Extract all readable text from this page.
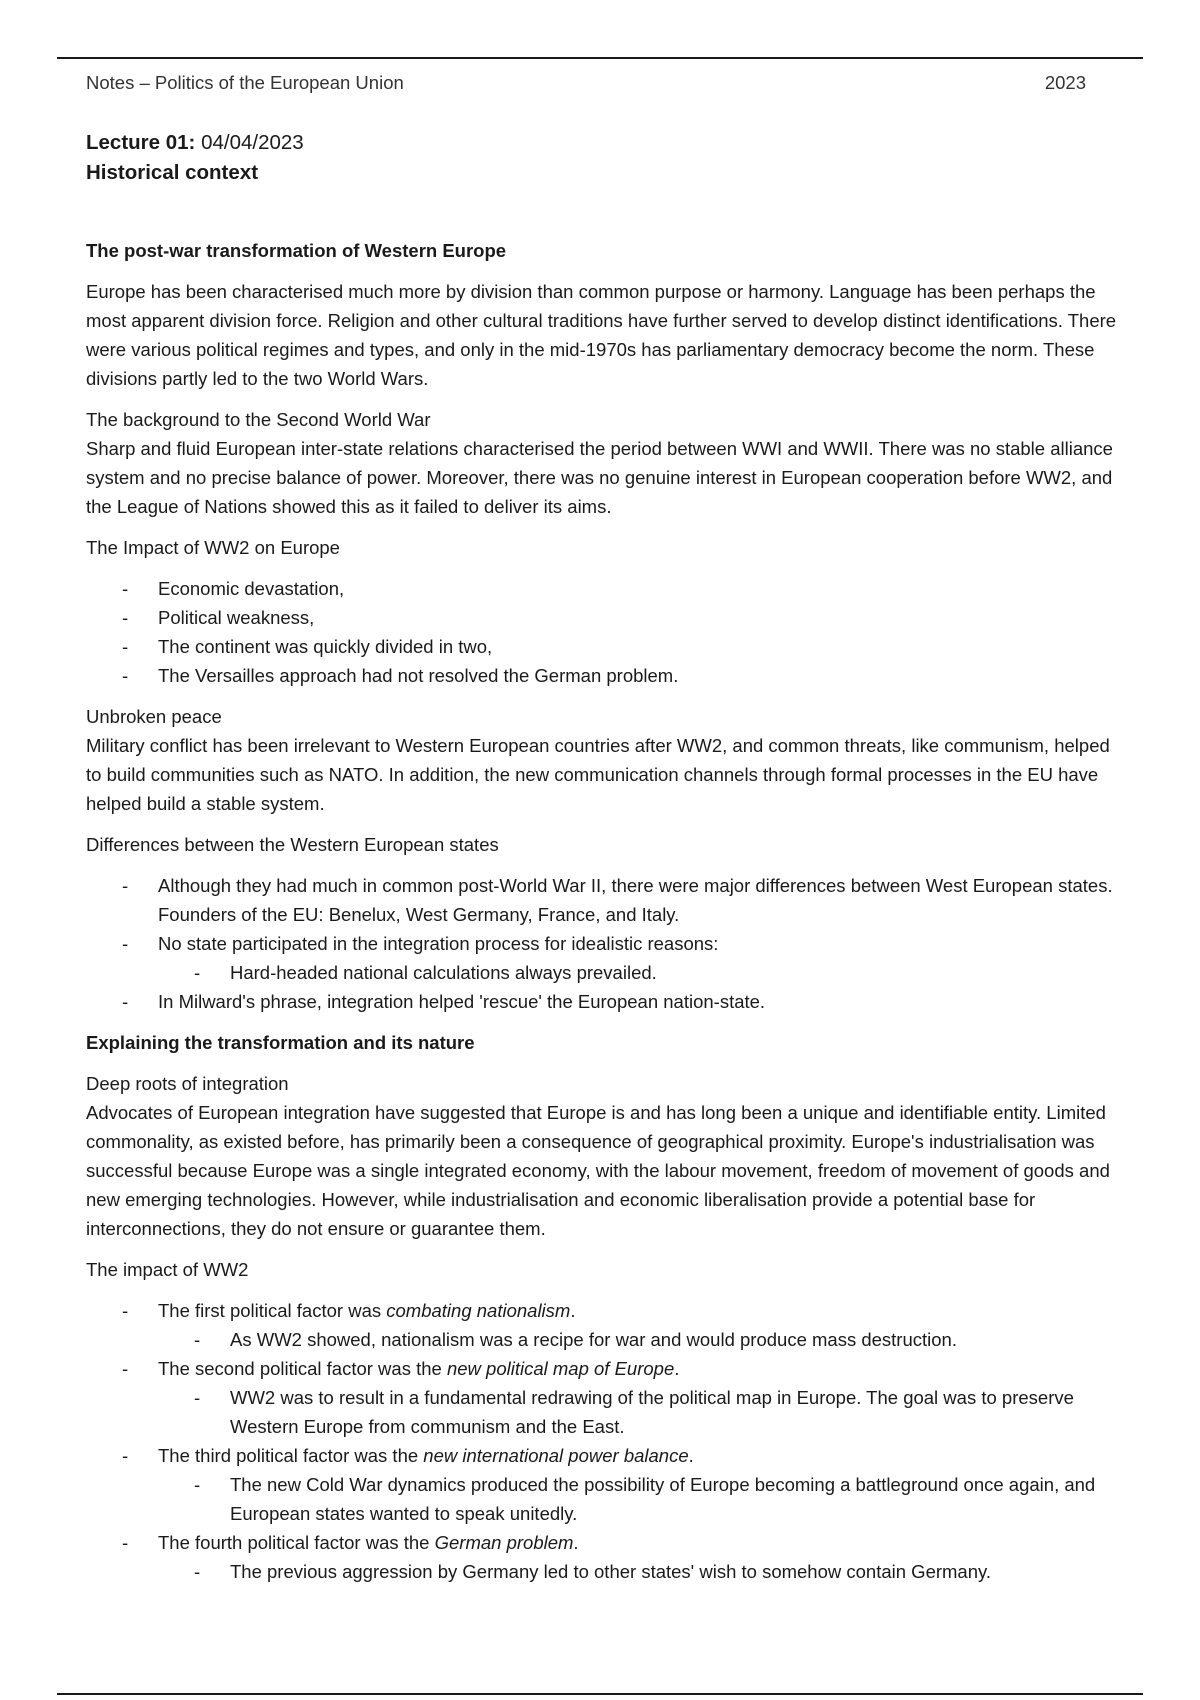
Notes – Politics of the European Union	2023

Lecture 01: 04/04/2023

Historical context

The post-war transformation of Western Europe

Europe has been characterised much more by division than common purpose or harmony. Language has been perhaps the most apparent division force. Religion and other cultural traditions have further served to develop distinct identifications. There were various political regimes and types, and only in the mid-1970s has parliamentary democracy become the norm. These divisions partly led to the two World Wars.

The background to the Second World War

Sharp and fluid European inter-state relations characterised the period between WWI and WWII. There was no stable alliance system and no precise balance of power. Moreover, there was no genuine interest in European cooperation before WW2, and the League of Nations showed this as it failed to deliver its aims.

The Impact of WW2 on Europe

- Economic devastation,
- Political weakness,
- The continent was quickly divided in two,
- The Versailles approach had not resolved the German problem.

Unbroken peace

Military conflict has been irrelevant to Western European countries after WW2, and common threats, like communism, helped to build communities such as NATO. In addition, the new communication channels through formal processes in the EU have helped build a stable system.

Differences between the Western European states

- Although they had much in common post-World War II, there were major differences between West European states. Founders of the EU: Benelux, West Germany, France, and Italy.
- No state participated in the integration process for idealistic reasons:
- Hard-headed national calculations always prevailed.
- In Milward's phrase, integration helped 'rescue' the European nation-state.
Explaining the transformation and its nature

Deep roots of integration

Advocates of European integration have suggested that Europe is and has long been a unique and identifiable entity. Limited commonality, as existed before, has primarily been a consequence of geographical proximity. Europe's industrialisation was successful because Europe was a single integrated economy, with the labour movement, freedom of movement of goods and new emerging technologies. However, while industrialisation and economic liberalisation provide a potential base for interconnections, they do not ensure or guarantee them.

The impact of WW2

- The first political factor was combating nationalism.
- As WW2 showed, nationalism was a recipe for war and would produce mass destruction.
- The second political factor was the new political map of Europe.
- WW2 was to result in a fundamental redrawing of the political map in Europe. The goal was to preserve Western Europe from communism and the East.
- The third political factor was the new international power balance.
- The new Cold War dynamics produced the possibility of Europe becoming a battleground once again, and European states wanted to speak unitedly.
- The fourth political factor was the German problem.
- The previous aggression by Germany led to other states' wish to somehow contain Germany.
